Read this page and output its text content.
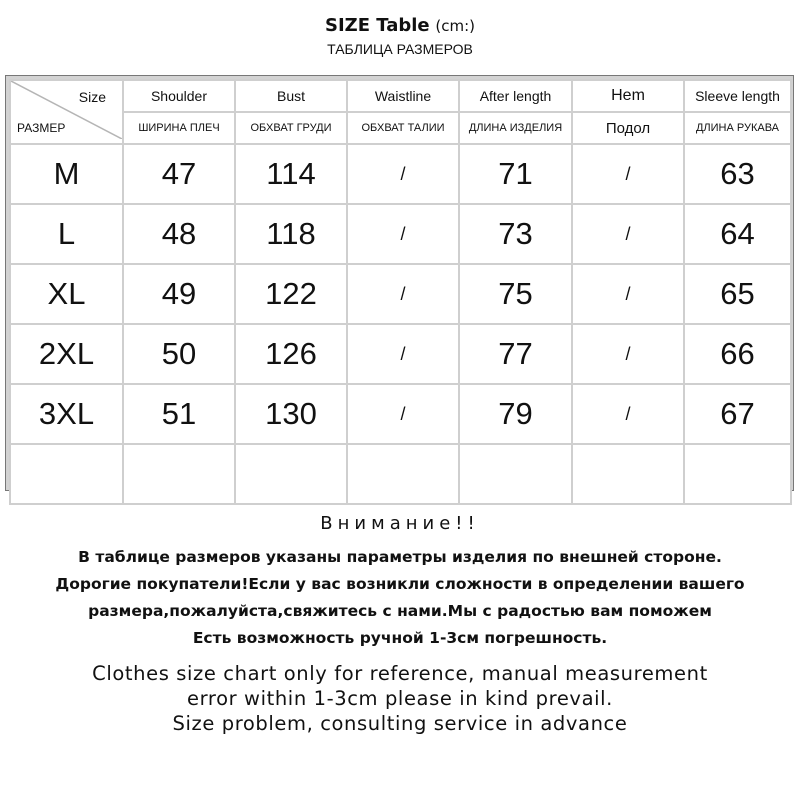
SIZE Table (cm:)
ТАБЛИЦА РАЗМЕРОВ
Size
РАЗМЕР	Shoulder	Bust	Waistline	After length	Hem	Sleeve length
	ШИРИНА ПЛЕЧ	ОБХВАТ ГРУДИ	ОБХВАТ ТАЛИИ	ДЛИНА ИЗДЕЛИЯ	Подол	ДЛИНА РУКАВА
M	47	114	/	71	/	63
L	48	118	/	73	/	64
XL	49	122	/	75	/	65
2XL	50	126	/	77	/	66
3XL	51	130	/	79	/	67

Внимание!!
В таблице размеров указаны параметры изделия по внешней стороне.
Дорогие покупатели!Если у вас возникли сложности в определении вашего
размера,пожалуйста,свяжитесь с нами.Мы с радостью вам поможем
Есть возможность ручной 1-3см погрешность.
Clothes size chart only for reference, manual measurement
error within 1-3cm please in kind prevail.
Size problem, consulting service in advance
